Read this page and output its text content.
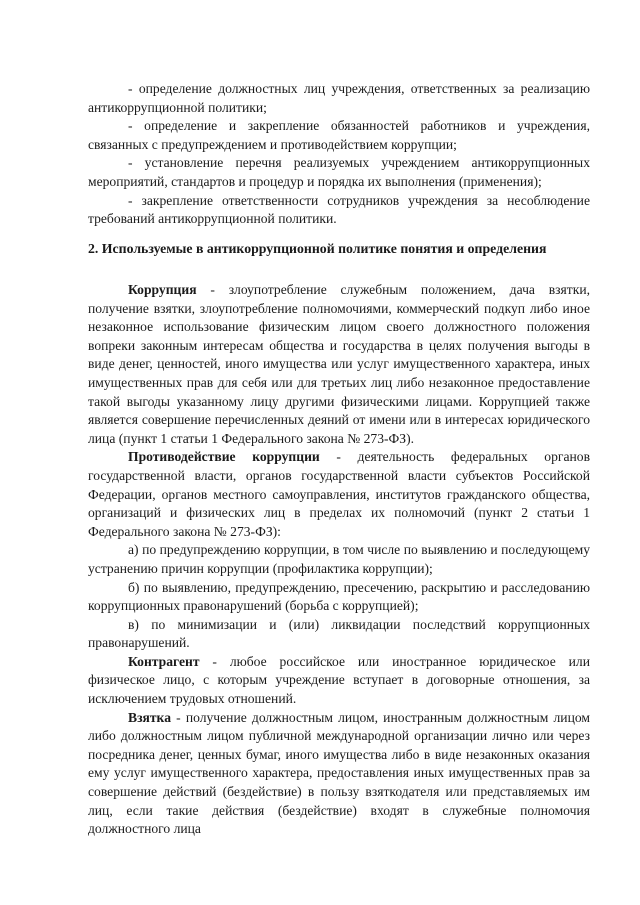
- определение должностных лиц учреждения, ответственных за реализацию антикоррупционной политики;

- определение и закрепление обязанностей работников и учреждения, связанных с предупреждением и противодействием коррупции;

- установление перечня реализуемых учреждением антикоррупционных мероприятий, стандартов и процедур и порядка их выполнения (применения);

- закрепление ответственности сотрудников учреждения за несоблюдение требований антикоррупционной политики.

2. Используемые в антикоррупционной политике понятия и определения

Коррупция - злоупотребление служебным положением, дача взятки, получение взятки, злоупотребление полномочиями, коммерческий подкуп либо иное незаконное использование физическим лицом своего должностного положения вопреки законным интересам общества и государства в целях получения выгоды в виде денег, ценностей, иного имущества или услуг имущественного характера, иных имущественных прав для себя или для третьих лиц либо незаконное предоставление такой выгоды указанному лицу другими физическими лицами. Коррупцией также является совершение перечисленных деяний от имени или в интересах юридического лица (пункт 1 статьи 1 Федерального закона № 273-ФЗ).

Противодействие коррупции - деятельность федеральных органов государственной власти, органов государственной власти субъектов Российской Федерации, органов местного самоуправления, институтов гражданского общества, организаций и физических лиц в пределах их полномочий (пункт 2 статьи 1 Федерального закона № 273-ФЗ):

а) по предупреждению коррупции, в том числе по выявлению и последующему устранению причин коррупции (профилактика коррупции);

б) по выявлению, предупреждению, пресечению, раскрытию и расследованию коррупционных правонарушений (борьба с коррупцией);

в) по минимизации и (или) ликвидации последствий коррупционных правонарушений.

Контрагент - любое российское или иностранное юридическое или физическое лицо, с которым учреждение вступает в договорные отношения, за исключением трудовых отношений.

Взятка - получение должностным лицом, иностранным должностным лицом либо должностным лицом публичной международной организации лично или через посредника денег, ценных бумаг, иного имущества либо в виде незаконных оказания ему услуг имущественного характера, предоставления иных имущественных прав за совершение действий (бездействие) в пользу взяткодателя или представляемых им лиц, если такие действия (бездействие) входят в служебные полномочия должностного лица
